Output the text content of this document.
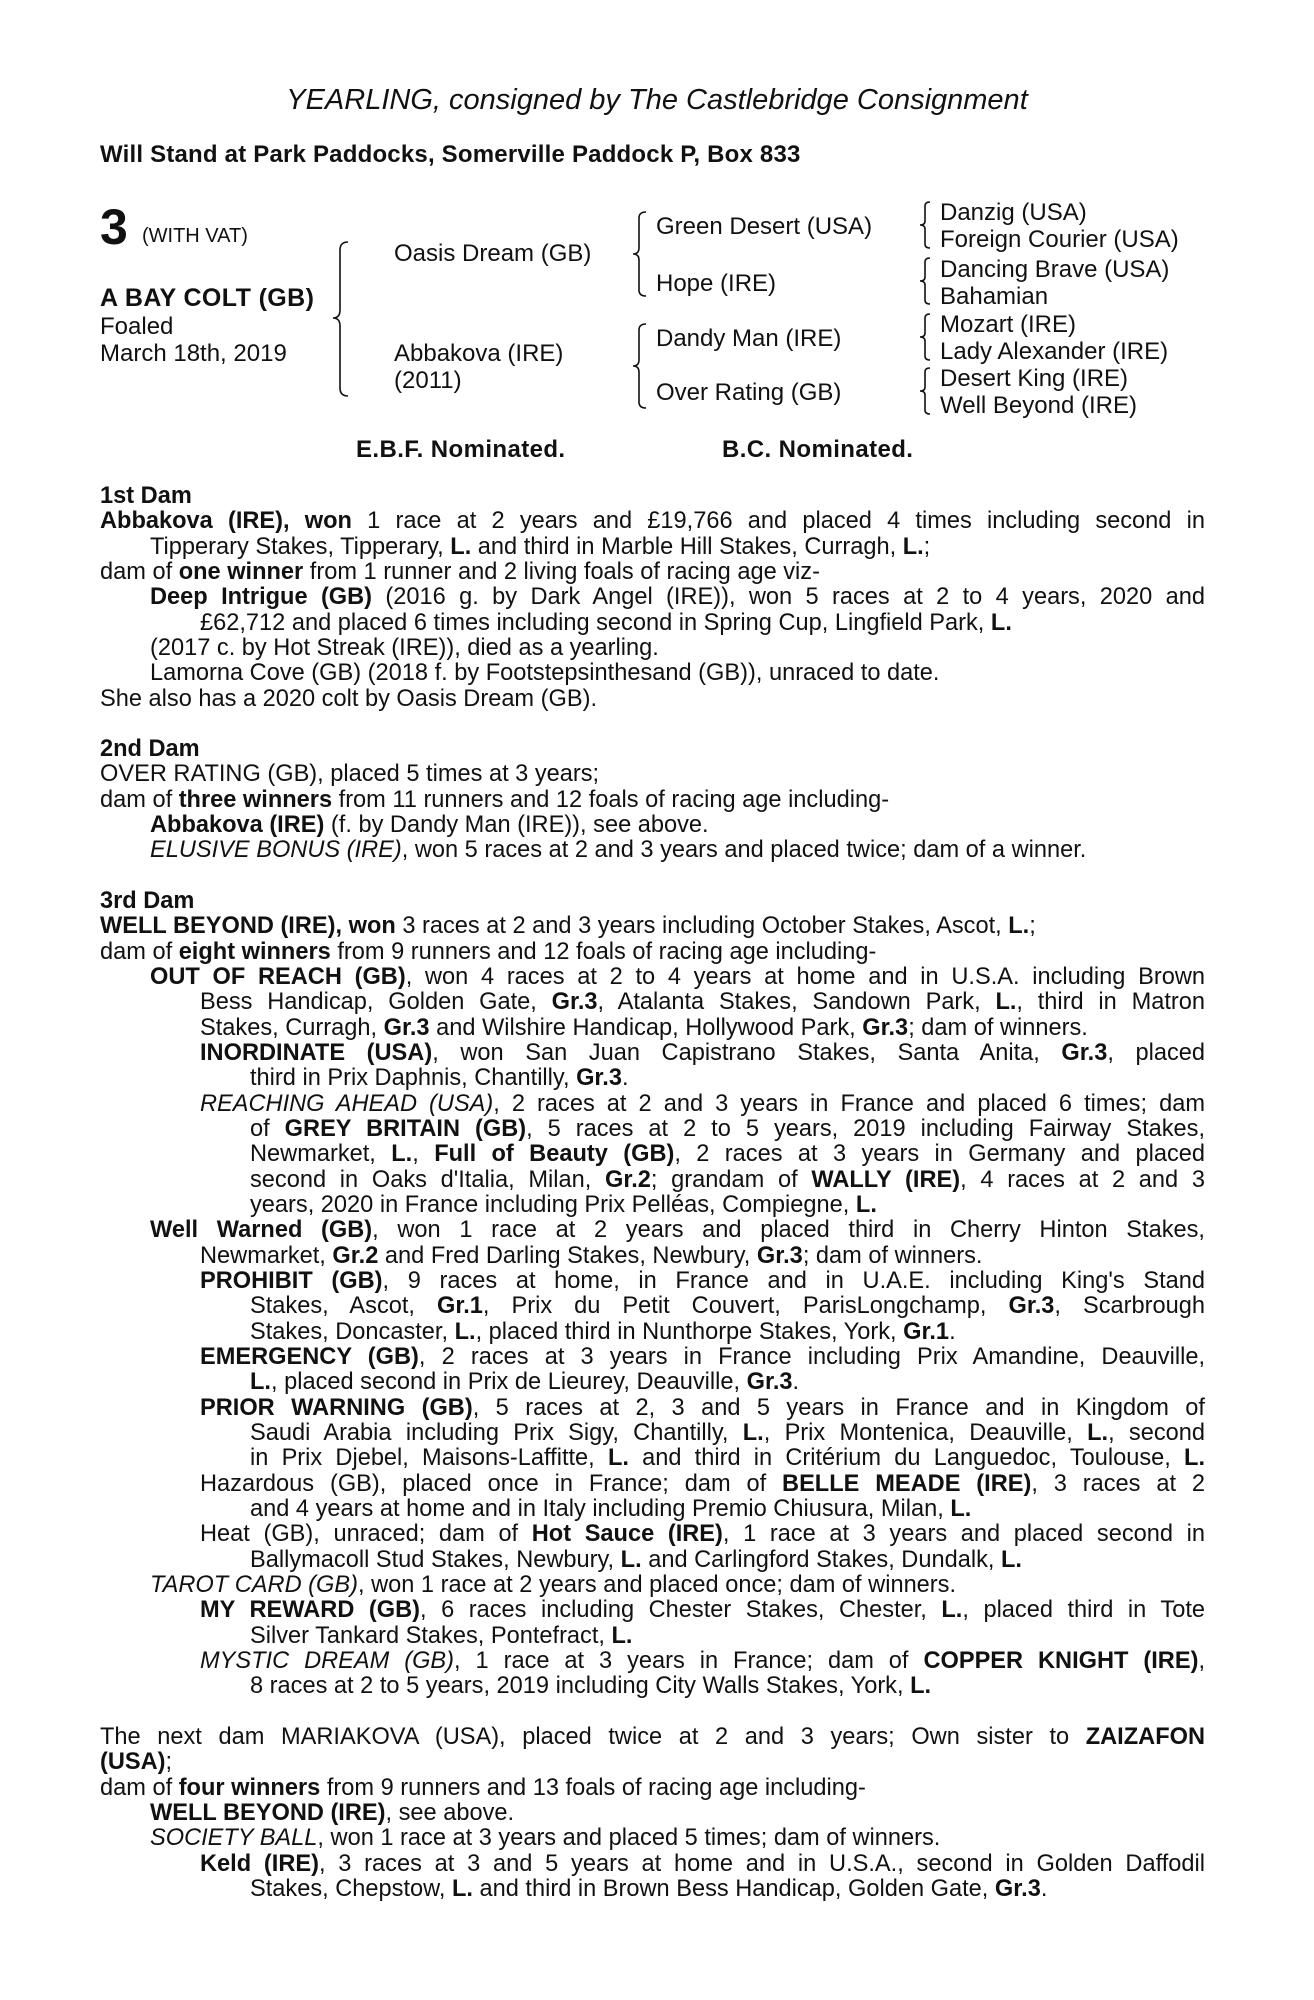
YEARLING, consigned by The Castlebridge Consignment
Will Stand at Park Paddocks, Somerville Paddock P, Box 833
3 (WITH VAT)
A BAY COLT (GB)
Foaled
March 18th, 2019
Oasis Dream (GB)
Abbakova (IRE)
(2011)
Green Desert (USA)
Hope (IRE)
Dandy Man (IRE)
Over Rating (GB)
Danzig (USA)
Foreign Courier (USA)
Dancing Brave (USA)
Bahamian
Mozart (IRE)
Lady Alexander (IRE)
Desert King (IRE)
Well Beyond (IRE)
E.B.F. Nominated.	B.C. Nominated.
1st Dam
Abbakova (IRE), won 1 race at 2 years and £19,766 and placed 4 times including second in
Tipperary Stakes, Tipperary, L. and third in Marble Hill Stakes, Curragh, L.;
dam of one winner from 1 runner and 2 living foals of racing age viz-
Deep Intrigue (GB) (2016 g. by Dark Angel (IRE)), won 5 races at 2 to 4 years, 2020 and
£62,712 and placed 6 times including second in Spring Cup, Lingfield Park, L.
(2017 c. by Hot Streak (IRE)), died as a yearling.
Lamorna Cove (GB) (2018 f. by Footstepsinthesand (GB)), unraced to date.
She also has a 2020 colt by Oasis Dream (GB).
2nd Dam
OVER RATING (GB), placed 5 times at 3 years;
dam of three winners from 11 runners and 12 foals of racing age including-
Abbakova (IRE) (f. by Dandy Man (IRE)), see above.
ELUSIVE BONUS (IRE), won 5 races at 2 and 3 years and placed twice; dam of a winner.
3rd Dam
WELL BEYOND (IRE), won 3 races at 2 and 3 years including October Stakes, Ascot, L.;
dam of eight winners from 9 runners and 12 foals of racing age including-
OUT OF REACH (GB), won 4 races at 2 to 4 years at home and in U.S.A. including Brown
Bess Handicap, Golden Gate, Gr.3, Atalanta Stakes, Sandown Park, L., third in Matron
Stakes, Curragh, Gr.3 and Wilshire Handicap, Hollywood Park, Gr.3; dam of winners.
INORDINATE (USA), won San Juan Capistrano Stakes, Santa Anita, Gr.3, placed
third in Prix Daphnis, Chantilly, Gr.3.
REACHING AHEAD (USA), 2 races at 2 and 3 years in France and placed 6 times; dam
of GREY BRITAIN (GB), 5 races at 2 to 5 years, 2019 including Fairway Stakes,
Newmarket, L., Full of Beauty (GB), 2 races at 3 years in Germany and placed
second in Oaks d'Italia, Milan, Gr.2; grandam of WALLY (IRE), 4 races at 2 and 3
years, 2020 in France including Prix Pelléas, Compiegne, L.
Well Warned (GB), won 1 race at 2 years and placed third in Cherry Hinton Stakes,
Newmarket, Gr.2 and Fred Darling Stakes, Newbury, Gr.3; dam of winners.
PROHIBIT (GB), 9 races at home, in France and in U.A.E. including King's Stand
Stakes, Ascot, Gr.1, Prix du Petit Couvert, ParisLongchamp, Gr.3, Scarbrough
Stakes, Doncaster, L., placed third in Nunthorpe Stakes, York, Gr.1.
EMERGENCY (GB), 2 races at 3 years in France including Prix Amandine, Deauville,
L., placed second in Prix de Lieurey, Deauville, Gr.3.
PRIOR WARNING (GB), 5 races at 2, 3 and 5 years in France and in Kingdom of
Saudi Arabia including Prix Sigy, Chantilly, L., Prix Montenica, Deauville, L., second
in Prix Djebel, Maisons-Laffitte, L. and third in Critérium du Languedoc, Toulouse, L.
Hazardous (GB), placed once in France; dam of BELLE MEADE (IRE), 3 races at 2
and 4 years at home and in Italy including Premio Chiusura, Milan, L.
Heat (GB), unraced; dam of Hot Sauce (IRE), 1 race at 3 years and placed second in
Ballymacoll Stud Stakes, Newbury, L. and Carlingford Stakes, Dundalk, L.
TAROT CARD (GB), won 1 race at 2 years and placed once; dam of winners.
MY REWARD (GB), 6 races including Chester Stakes, Chester, L., placed third in Tote
Silver Tankard Stakes, Pontefract, L.
MYSTIC DREAM (GB), 1 race at 3 years in France; dam of COPPER KNIGHT (IRE),
8 races at 2 to 5 years, 2019 including City Walls Stakes, York, L.
The next dam MARIAKOVA (USA), placed twice at 2 and 3 years; Own sister to ZAIZAFON
(USA);
dam of four winners from 9 runners and 13 foals of racing age including-
WELL BEYOND (IRE), see above.
SOCIETY BALL, won 1 race at 3 years and placed 5 times; dam of winners.
Keld (IRE), 3 races at 3 and 5 years at home and in U.S.A., second in Golden Daffodil
Stakes, Chepstow, L. and third in Brown Bess Handicap, Golden Gate, Gr.3.
